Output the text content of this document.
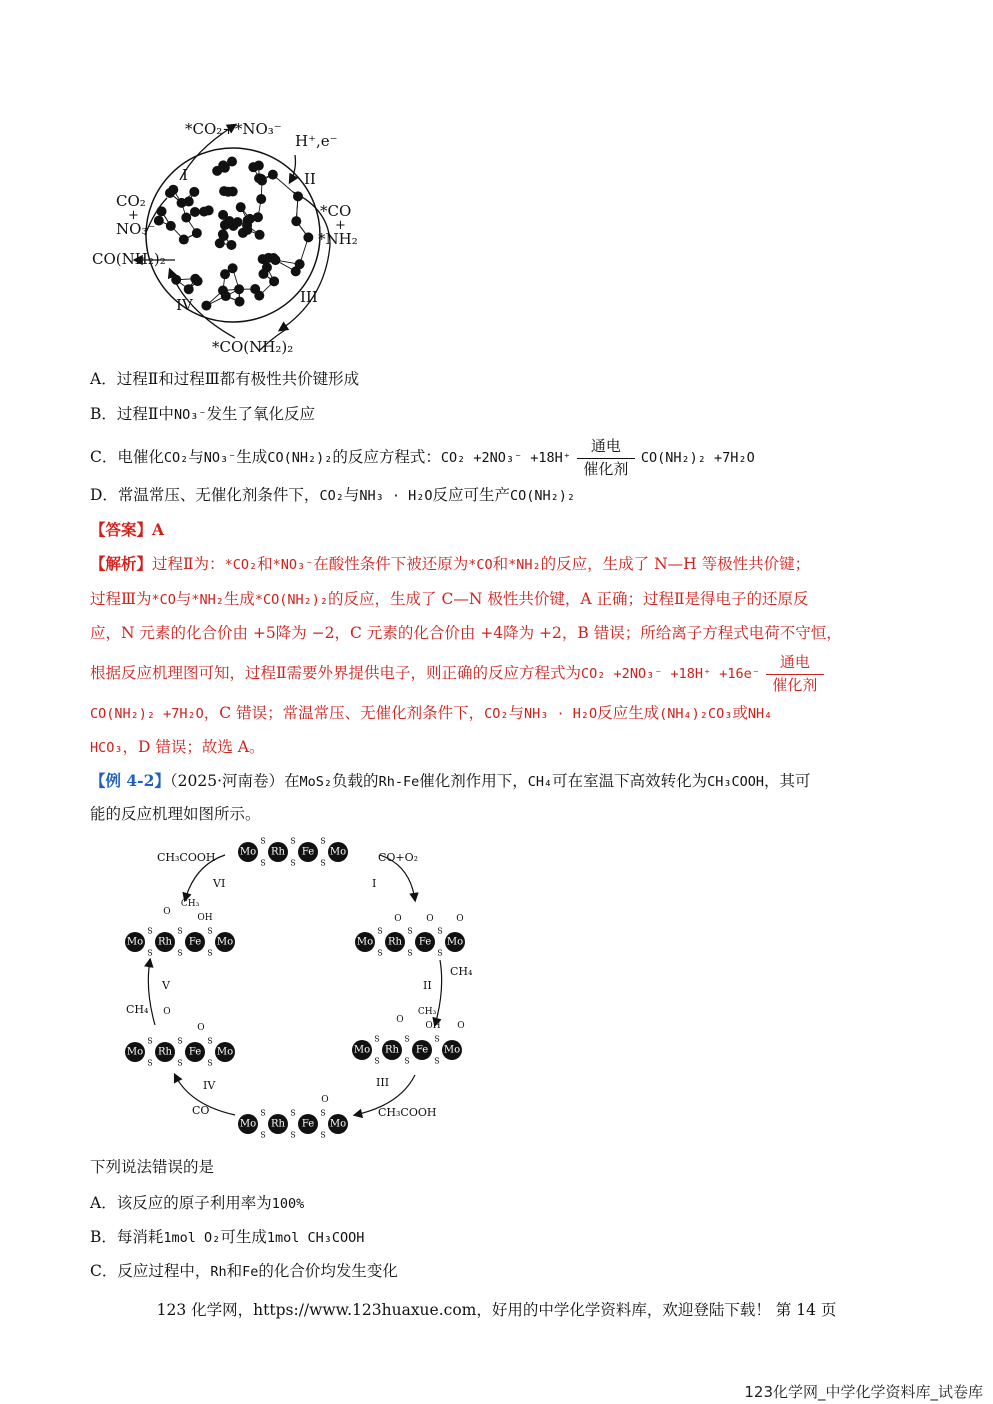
*CO₂+*NO₃⁻
H⁺,e⁻
I	II
III
IV
CO₂
+
NO₃⁻
CO(NH₂)₂
*CO
+
*NH₂
*CO(NH₂)₂
A．过程Ⅱ和过程Ⅲ都有极性共价键形成
B．过程Ⅱ中NO₃⁻发生了氧化反应
C．电催化CO₂与NO₃⁻生成CO(NH₂)₂的反应方程式：CO₂ +2NO₃⁻ +18H⁺
通电
催化剂
CO(NH₂)₂ +7H₂O
D．常温常压、无催化剂条件下，CO₂与NH₃ · H₂O反应可生产CO(NH₂)₂
【答案】A
【解析】过程Ⅱ为：*CO₂和*NO₃⁻在酸性条件下被还原为*CO和*NH₂的反应，生成了 N—H 等极性共价键；
过程Ⅲ为*CO与*NH₂生成*CO(NH₂)₂的反应，生成了 C—N 极性共价键，A 正确；过程Ⅱ是得电子的还原反
应，N 元素的化合价由 +5降为 −2，C 元素的化合价由 +4降为 +2，B 错误；所给离子方程式电荷不守恒，
根据反应机理图可知，过程Ⅱ需要外界提供电子，则正确的反应方程式为CO₂ +2NO₃⁻ +18H⁺ +16e⁻
通电
催化剂
CO(NH₂)₂ +7H₂O，C 错误；常温常压、无催化剂条件下，CO₂与NH₃ · H₂O反应生成(NH₄)₂CO₃或NH₄
HCO₃，D 错误；故选 A。
【例 4-2】（2025·河南卷）在MoS₂负载的Rh-Fe催化剂作用下，CH₄可在室温下高效转化为CH₃COOH，其可
能的反应机理如图所示。
Mo Rh Fe Mo
S
S
S
S
S
S
Mo Rh Fe Mo
S
S
S
S
S
S
O	O	O
Mo Rh Fe Mo
S
S
S
S
S
S
O
OH
CH₃
Mo Rh Fe Mo
S
S
S
S
S
S
O
OH O
CH₃
Mo Rh Fe Mo
S
S
S
S
S
S
O
O
Mo Rh Fe Mo
S
S
S
S
S
S
O
CH₃COOH	CO+O₂
VI	I
CH₄
II
V
CH₄
III
IV
CH₃COOH
CO
下列说法错误的是
A．该反应的原子利用率为100%
B．每消耗1mol O₂可生成1mol CH₃COOH
C．反应过程中，Rh和Fe的化合价均发生变化
123 化学网，https://www.123huaxue.com，好用的中学化学资料库，欢迎登陆下载！ 第 14 页
123化学网_中学化学资料库_试卷库
